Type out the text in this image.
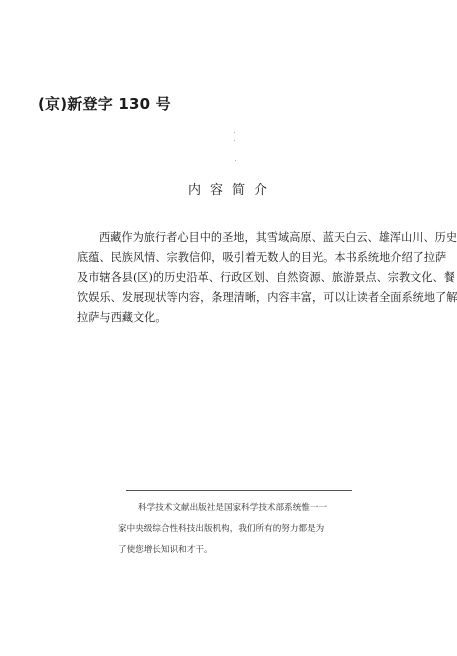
(京)新登字 130 号
内容简介
西藏作为旅行者心目中的圣地，其雪域高原、蓝天白云、雄浑山川、历史
底蕴、民族风情、宗教信仰，吸引着无数人的目光。本书系统地介绍了拉萨
及市辖各县(区)的历史沿革、行政区划、自然资源、旅游景点、宗教文化、餐
饮娱乐、发展现状等内容，条理清晰，内容丰富，可以让读者全面系统地了解
拉萨与西藏文化。
科学技术文献出版社是国家科学技术部系统惟一一
家中央级综合性科技出版机构，我们所有的努力都是为
了使您增长知识和才干。
